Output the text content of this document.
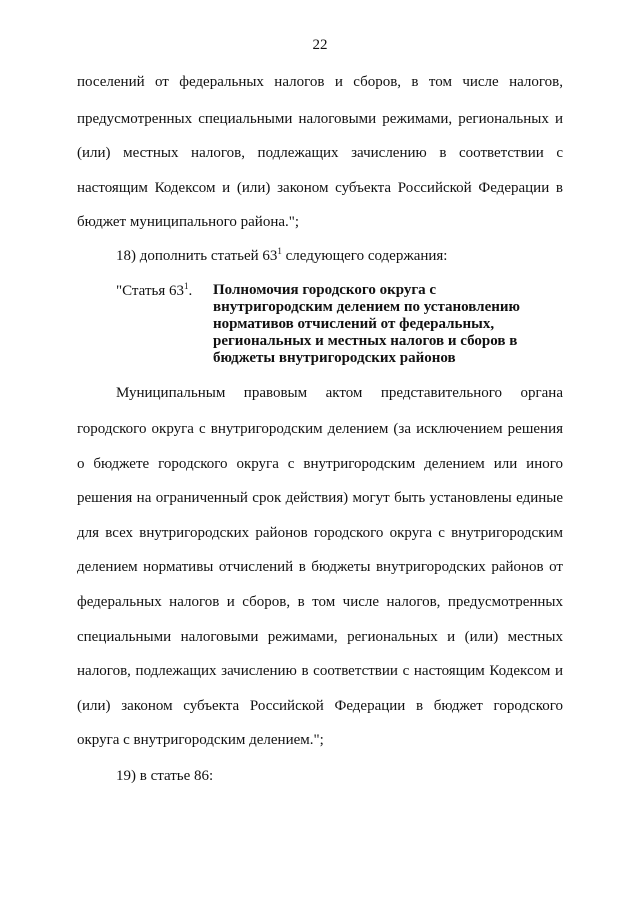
22
поселений от федеральных налогов и сборов, в том числе налогов,
предусмотренных специальными налоговыми режимами, региональных и
(или) местных налогов, подлежащих зачислению в соответствии с
настоящим Кодексом и (или) законом субъекта Российской Федерации в
бюджет муниципального района.";
18) дополнить статьей $63^1$ следующего содержания:
"Статья $63^1$. Полномочия городского округа с
внутригородским делением по установлению
нормативов отчислений от федеральных,
региональных и местных налогов и сборов в
бюджеты внутригородских районов
Муниципальным правовым актом представительного органа
городского округа с внутригородским делением (за исключением решения
о бюджете городского округа с внутригородским делением или иного
решения на ограниченный срок действия) могут быть установлены единые
для всех внутригородских районов городского округа с внутригородским
делением нормативы отчислений в бюджеты внутригородских районов от
федеральных налогов и сборов, в том числе налогов, предусмотренных
специальными налоговыми режимами, региональных и (или) местных
налогов, подлежащих зачислению в соответствии с настоящим Кодексом и
(или) законом субъекта Российской Федерации в бюджет городского
округа с внутригородским делением.";
19) в статье 86:
